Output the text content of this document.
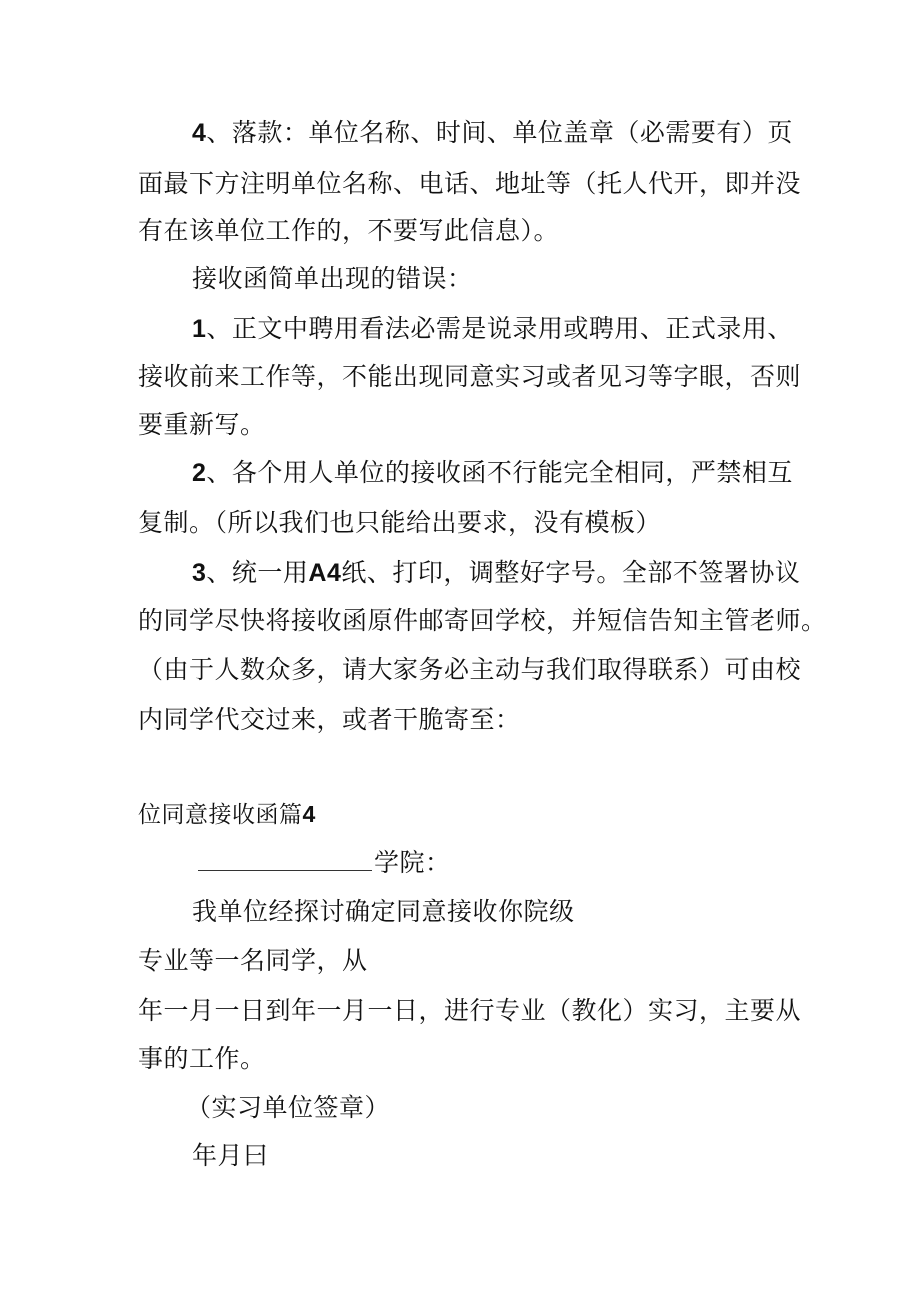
4、落款：单位名称、时间、单位盖章（必需要有）页
面最下方注明单位名称、电话、地址等（托人代开，即并没
有在该单位工作的，不要写此信息）。
接收函简单出现的错误：
1、正文中聘用看法必需是说录用或聘用、正式录用、
接收前来工作等，不能出现同意实习或者见习等字眼，否则
要重新写。
2、各个用人单位的接收函不行能完全相同，严禁相互
复制。（所以我们也只能给出要求，没有模板）
3、统一用A4纸、打印，调整好字号。全部不签署协议
的同学尽快将接收函原件邮寄回学校，并短信告知主管老师。
（由于人数众多，请大家务必主动与我们取得联系）可由校
内同学代交过来，或者干脆寄至：
位同意接收函篇4
学院：
我单位经探讨确定同意接收你院级
专业等一名同学，从
年一月一日到年一月一日，进行专业（教化）实习，主要从
事的工作。
（实习单位签章）
年月曰
